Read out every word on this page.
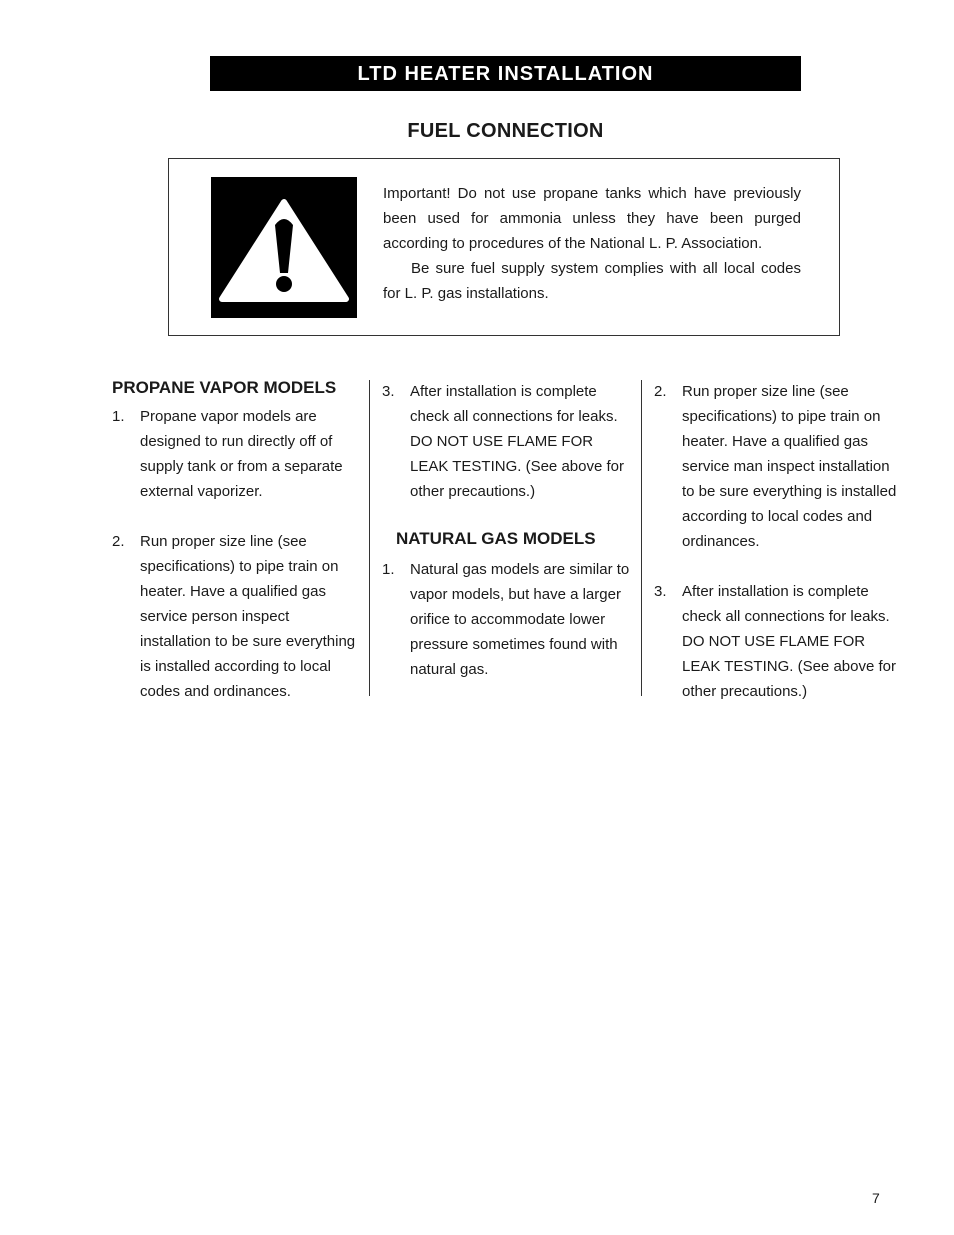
LTD HEATER INSTALLATION
FUEL CONNECTION

Important! Do not use propane tanks which have previously been used for ammonia unless they have been purged according to procedures of the National L. P. Association.

Be sure fuel supply system complies with all local codes for L. P. gas installations.

PROPANE VAPOR MODELS
1. Propane vapor models are designed to run directly off of supply tank or from a separate external vaporizer.
2. Run proper size line (see specifications) to pipe train on heater. Have a qualified gas service person inspect installation to be sure everything is installed according to local codes and ordinances.
3. After installation is complete check all connections for leaks. DO NOT USE FLAME FOR LEAK TESTING. (See above for other precautions.)
NATURAL GAS MODELS
1. Natural gas models are similar to vapor models, but have a larger orifice to accommodate lower pressure sometimes found with natural gas.
2. Run proper size line (see specifications) to pipe train on heater. Have a qualified gas service man inspect installation to be sure everything is installed according to local codes and ordinances.
3. After installation is complete check all connections for leaks. DO NOT USE FLAME FOR LEAK TESTING. (See above for other precautions.)
7
